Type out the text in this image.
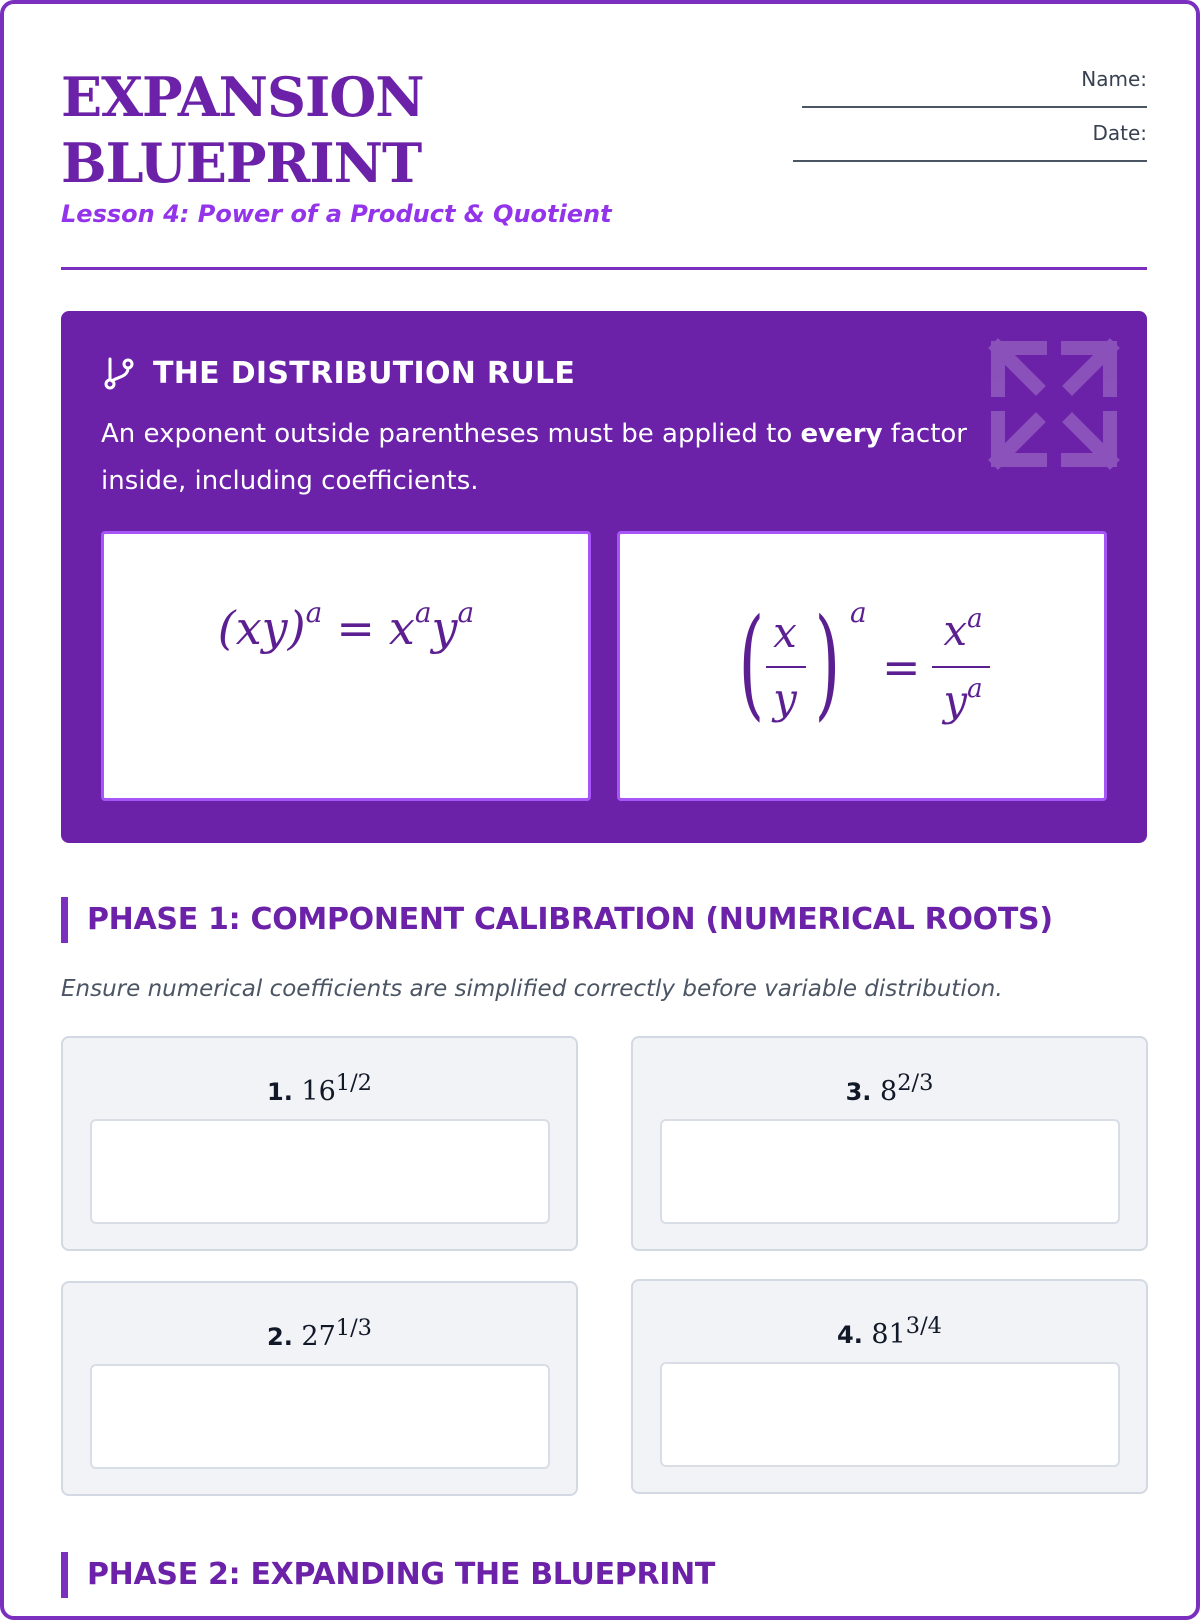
EXPANSION
BLUEPRINT
Lesson 4: Power of a Product & Quotient
Name:
Date:
THE DISTRIBUTION RULE
An exponent outside parentheses must be applied to every factor inside, including coefficients.
$(xy)^a = x^ay^a$	( x
y ) a
=
$x^a$
$y^a$
PHASE 1: COMPONENT CALIBRATION (NUMERICAL ROOTS)
Ensure numerical coefficients are simplified correctly before variable distribution.
1. $16^{1/2}$
2. $27^{1/3}$
3. $8^{2/3}$
4. $81^{3/4}$
PHASE 2: EXPANDING THE BLUEPRINT
